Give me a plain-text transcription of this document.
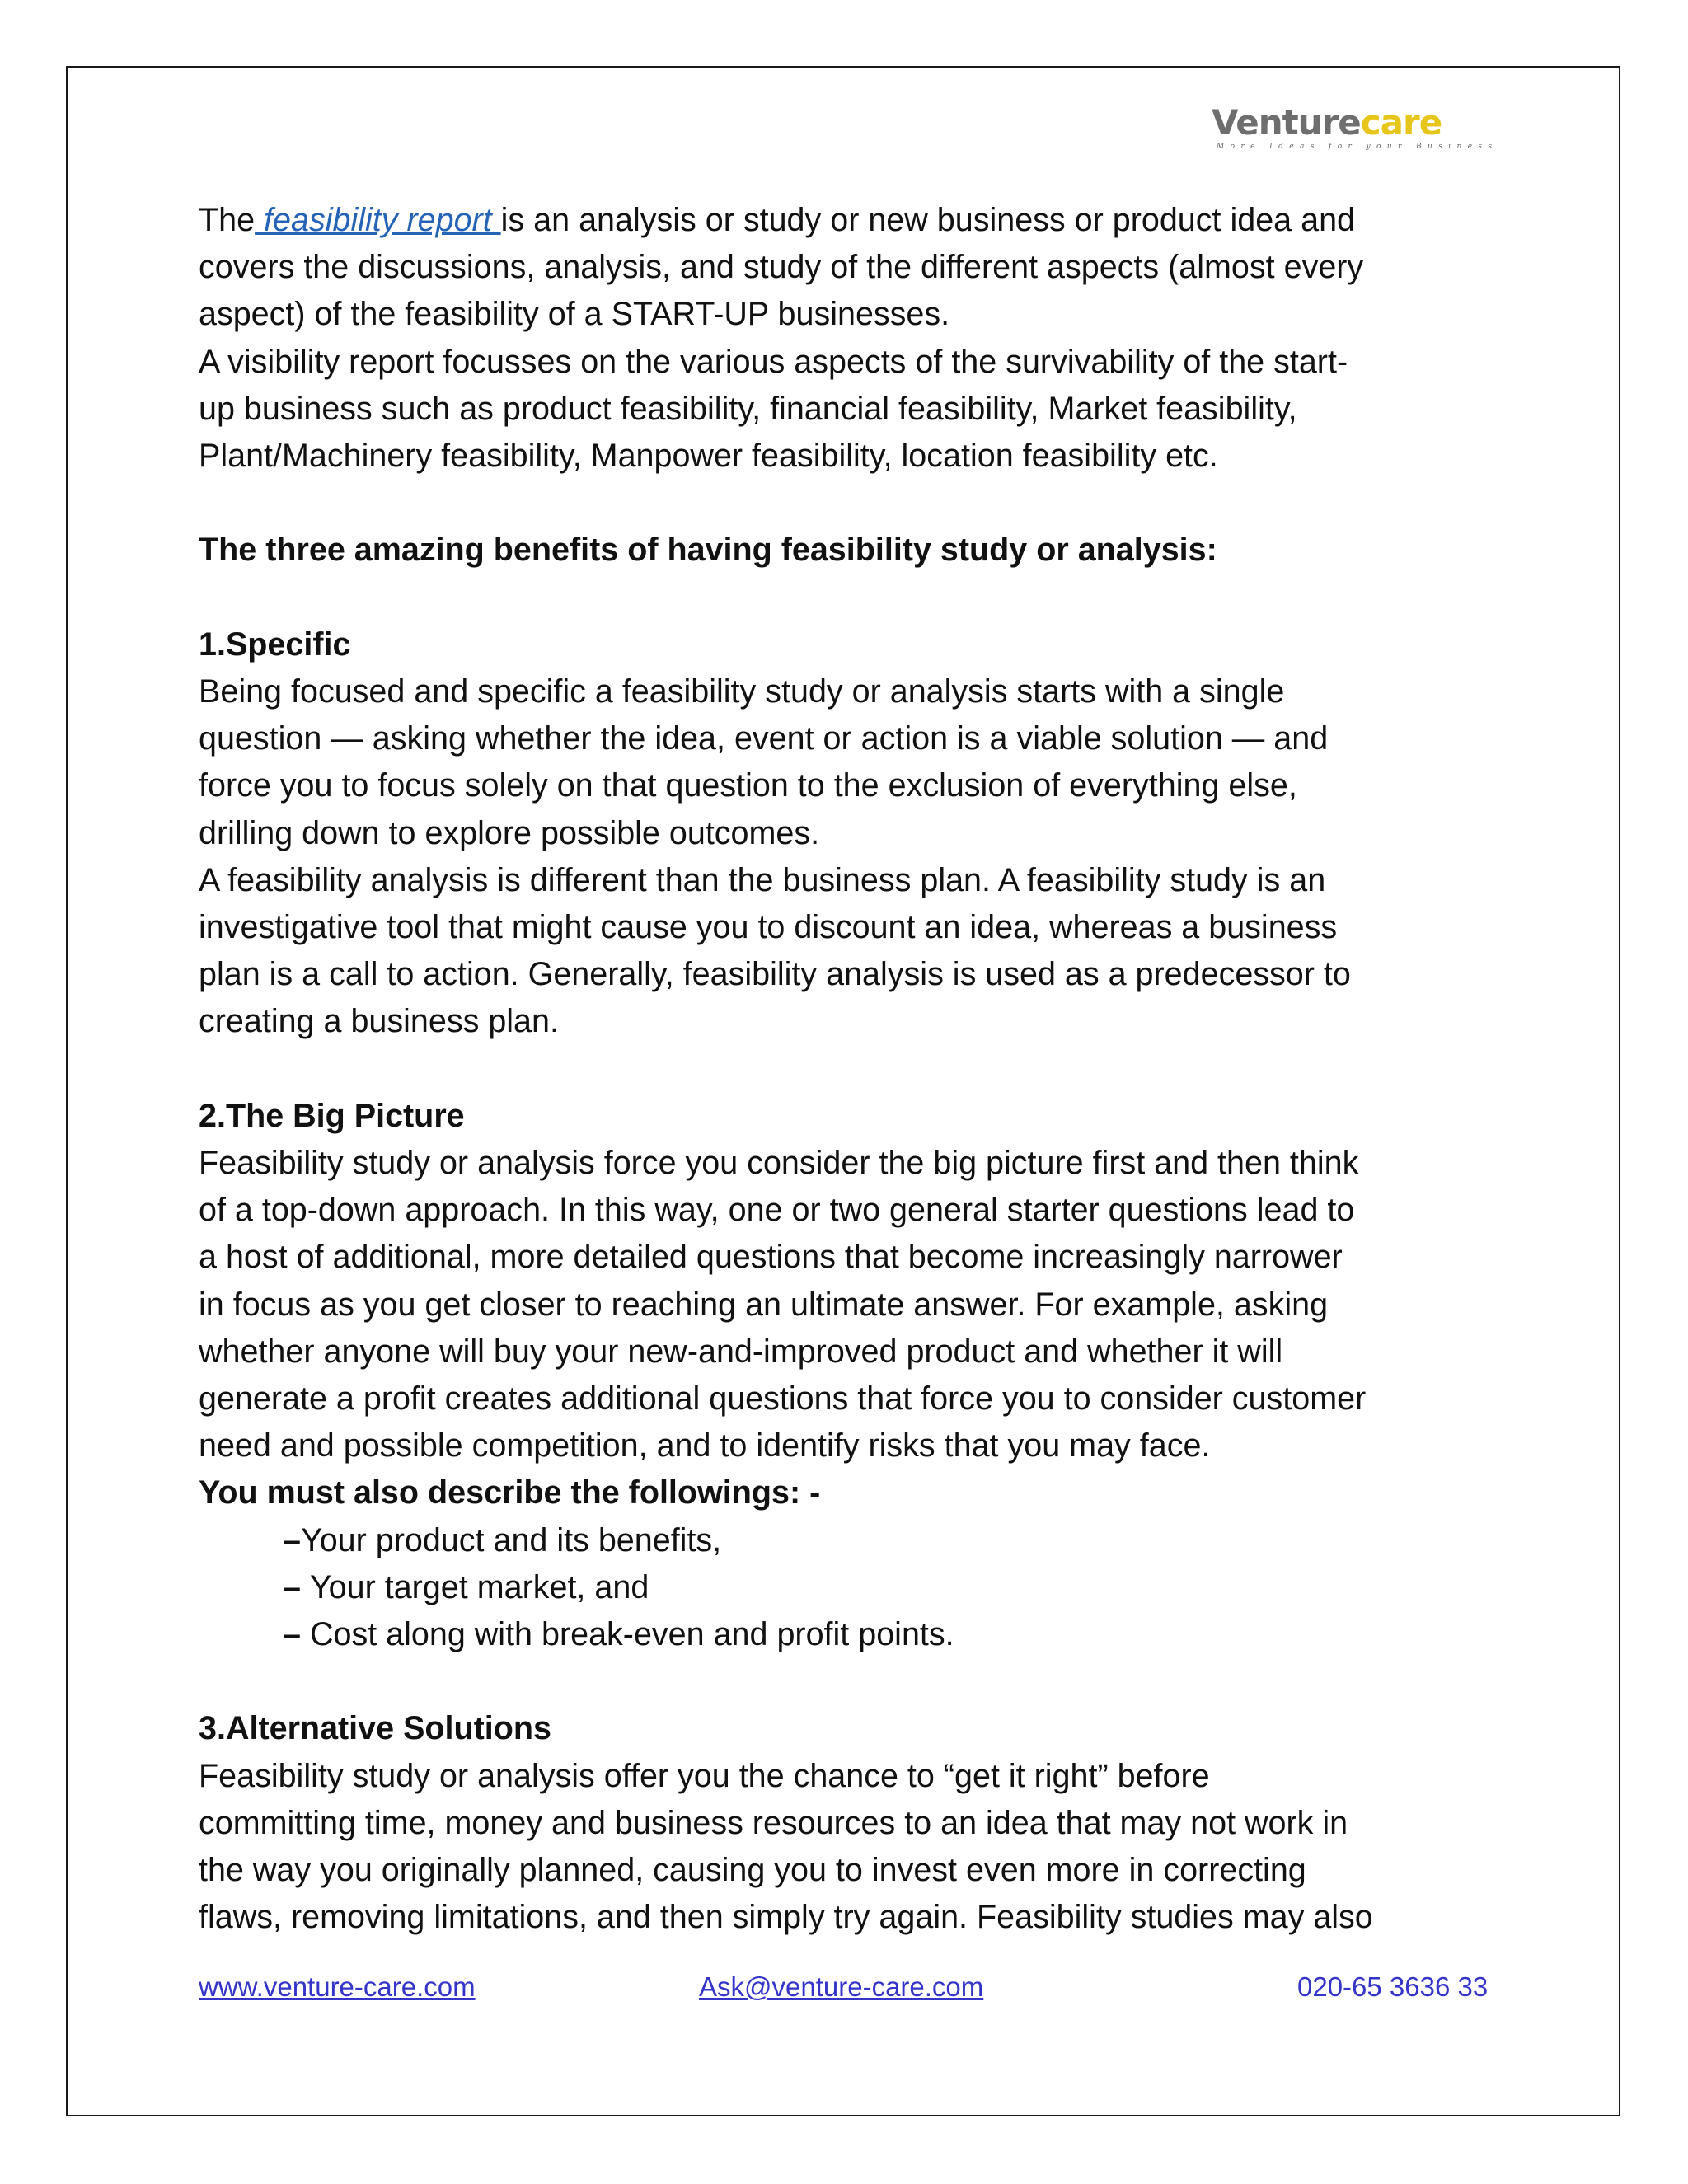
Venturecare
More Ideas for your Business

The feasibility report is an analysis or study or new business or product idea and

covers the discussions, analysis, and study of the different aspects (almost every

aspect) of the feasibility of a START-UP businesses.

A visibility report focusses on the various aspects of the survivability of the start-

up business such as product feasibility, financial feasibility, Market feasibility,

Plant/Machinery feasibility, Manpower feasibility, location feasibility etc.

The three amazing benefits of having feasibility study or analysis:

1.Specific

Being focused and specific a feasibility study or analysis starts with a single

question — asking whether the idea, event or action is a viable solution — and

force you to focus solely on that question to the exclusion of everything else,

drilling down to explore possible outcomes.

A feasibility analysis is different than the business plan. A feasibility study is an

investigative tool that might cause you to discount an idea, whereas a business

plan is a call to action. Generally, feasibility analysis is used as a predecessor to

creating a business plan.

2.The Big Picture

Feasibility study or analysis force you consider the big picture first and then think

of a top-down approach. In this way, one or two general starter questions lead to

a host of additional, more detailed questions that become increasingly narrower

in focus as you get closer to reaching an ultimate answer. For example, asking

whether anyone will buy your new-and-improved product and whether it will

generate a profit creates additional questions that force you to consider customer

need and possible competition, and to identify risks that you may face.

You must also describe the followings: -

–Your product and its benefits,

– Your target market, and

– Cost along with break-even and profit points.

3.Alternative Solutions

Feasibility study or analysis offer you the chance to “get it right” before

committing time, money and business resources to an idea that may not work in

the way you originally planned, causing you to invest even more in correcting

flaws, removing limitations, and then simply try again. Feasibility studies may also

www.venture-care.com	Ask@venture-care.com	020-65 3636 33
